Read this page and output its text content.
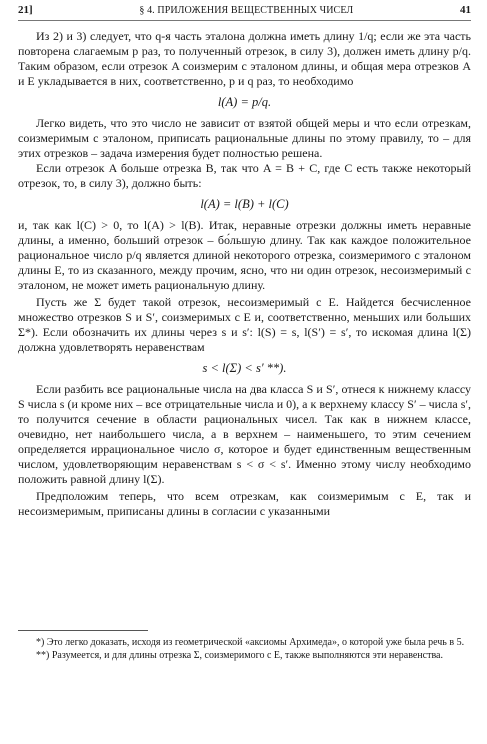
21]	§ 4. ПРИЛОЖЕНИЯ ВЕЩЕСТВЕННЫХ ЧИСЕЛ	41

Из 2) и 3) следует, что q-я часть эталона должна иметь длину 1/q; если же эта часть повторена слагаемым p раз, то полученный отрезок, в силу 3), должен иметь длину p/q. Таким образом, если отрезок A соизмерим с эталоном длины, и общая мера отрезков A и E укладывается в них, соответственно, p и q раз, то необходимо

l(A) = p/q.

Легко видеть, что это число не зависит от взятой общей меры и что если отрезкам, соизмеримым с эталоном, приписать рациональные длины по этому правилу, то – для этих отрезков – задача измерения будет полностью решена.

Если отрезок A больше отрезка B, так что A = B + C, где C есть также некоторый отрезок, то, в силу 3), должно быть:

l(A) = l(B) + l(C)

и, так как l(C) > 0, то l(A) > l(B). Итак, неравные отрезки должны иметь неравные длины, а именно, больший отрезок – бо́льшую длину. Так как каждое положительное рациональное число p/q является длиной некоторого отрезка, соизмеримого с эталоном длины E, то из сказанного, между прочим, ясно, что ни один отрезок, несоизмеримый с эталоном, не может иметь рациональную длину.

Пусть же Σ будет такой отрезок, несоизмеримый с E. Найдется бесчисленное множество отрезков S и S′, соизмеримых с E и, соответственно, меньших или больших Σ*). Если обозначить их длины через s и s′: l(S) = s, l(S′) = s′, то искомая длина l(Σ) должна удовлетворять неравенствам

s < l(Σ) < s′ **).

Если разбить все рациональные числа на два класса S и S′, отнеся к нижнему классу S числа s (и кроме них – все отрицательные числа и 0), а к верхнему классу S′ – числа s′, то получится сечение в области рациональных чисел. Так как в нижнем классе, очевидно, нет наибольшего числа, а в верхнем – наименьшего, то этим сечением определяется иррациональное число σ, которое и будет единственным вещественным числом, удовлетворяющим неравенствам s < σ < s′. Именно этому числу необходимо положить равной длину l(Σ).

Предположим теперь, что всем отрезкам, как соизмеримым с E, так и несоизмеримым, приписаны длины в согласии с указанными

*) Это легко доказать, исходя из геометрической «аксиомы Архимеда», о которой уже была речь в 5.
**) Разумеется, и для длины отрезка Σ, соизмеримого с E, также выполняются эти неравенства.
